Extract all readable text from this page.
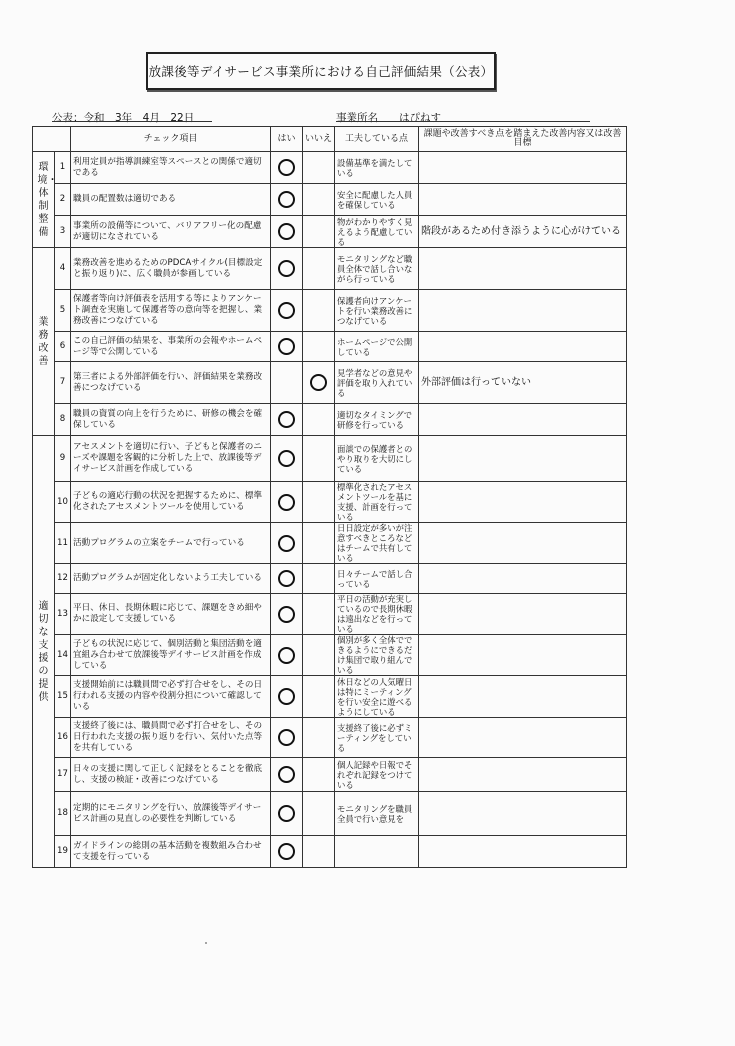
放課後等デイサービス事業所における自己評価結果（公表）
公表：令和　3年　4月　22日	事業所名　　はぴねす
		チェック項目	はい	いいえ	工夫している点	課題や改善すべき点を踏まえた改善内容又は改善目標

環境・体制整備	1	利用定員が指導訓練室等スペースとの関係で適切である			設備基準を満たしている	
	2	職員の配置数は適切である			安全に配慮した人員を確保している	
	3	事業所の設備等について、バリアフリー化の配慮が適切になされている			物がわかりやすく見えるよう配慮している	階段があるため付き添うように心がけている

業務改善	4	業務改善を進めるためのPDCAサイクル(目標設定と振り返り)に、広く職員が参画している			モニタリングなど職員全体で話し合いながら行っている	
	5	保護者等向け評価表を活用する等によりアンケート調査を実施して保護者等の意向等を把握し、業務改善につなげている			保護者向けアンケートを行い業務改善につなげている	
	6	この自己評価の結果を、事業所の会報やホームページ等で公開している			ホームページで公開している	
	7	第三者による外部評価を行い、評価結果を業務改善につなげている			見学者などの意見や評価を取り入れている	外部評価は行っていない
	8	職員の資質の向上を行うために、研修の機会を確保している			適切なタイミングで研修を行っている	

適切な支援の提供	9	アセスメントを適切に行い、子どもと保護者のニーズや課題を客観的に分析した上で、放課後等デイサービス計画を作成している			面談での保護者とのやり取りを大切にしている	
	10	子どもの適応行動の状況を把握するために、標準化されたアセスメントツールを使用している			標準化されたアセスメントツールを基に支援、計画を行っている	
	11	活動プログラムの立案をチームで行っている			日日設定が多いが注意すべきところなどはチームで共有している	
	12	活動プログラムが固定化しないよう工夫している			日々チームで話し合っている	
	13	平日、休日、長期休暇に応じて、課題をきめ細やかに設定して支援している			平日の活動が充実しているので長期休暇は遠出などを行っている	
	14	子どもの状況に応じて、個別活動と集団活動を適宜組み合わせて放課後等デイサービス計画を作成している			個別が多く全体でできるようにできるだけ集団で取り組んでいる	
	15	支援開始前には職員間で必ず打合せをし、その日行われる支援の内容や役割分担について確認している			休日などの人気曜日は特にミーティングを行い安全に遊べるようにしている	
	16	支援終了後には、職員間で必ず打合せをし、その日行われた支援の振り返りを行い、気付いた点等を共有している			支援終了後に必ずミーティングをしている	
	17	日々の支援に関して正しく記録をとることを徹底し、支援の検証・改善につなげている			個人記録や日報でそれぞれ記録をつけている	
	18	定期的にモニタリングを行い、放課後等デイサービス計画の見直しの必要性を判断している			モニタリングを職員全員で行い意見を	
	19	ガイドラインの総則の基本活動を複数組み合わせて支援を行っている				
